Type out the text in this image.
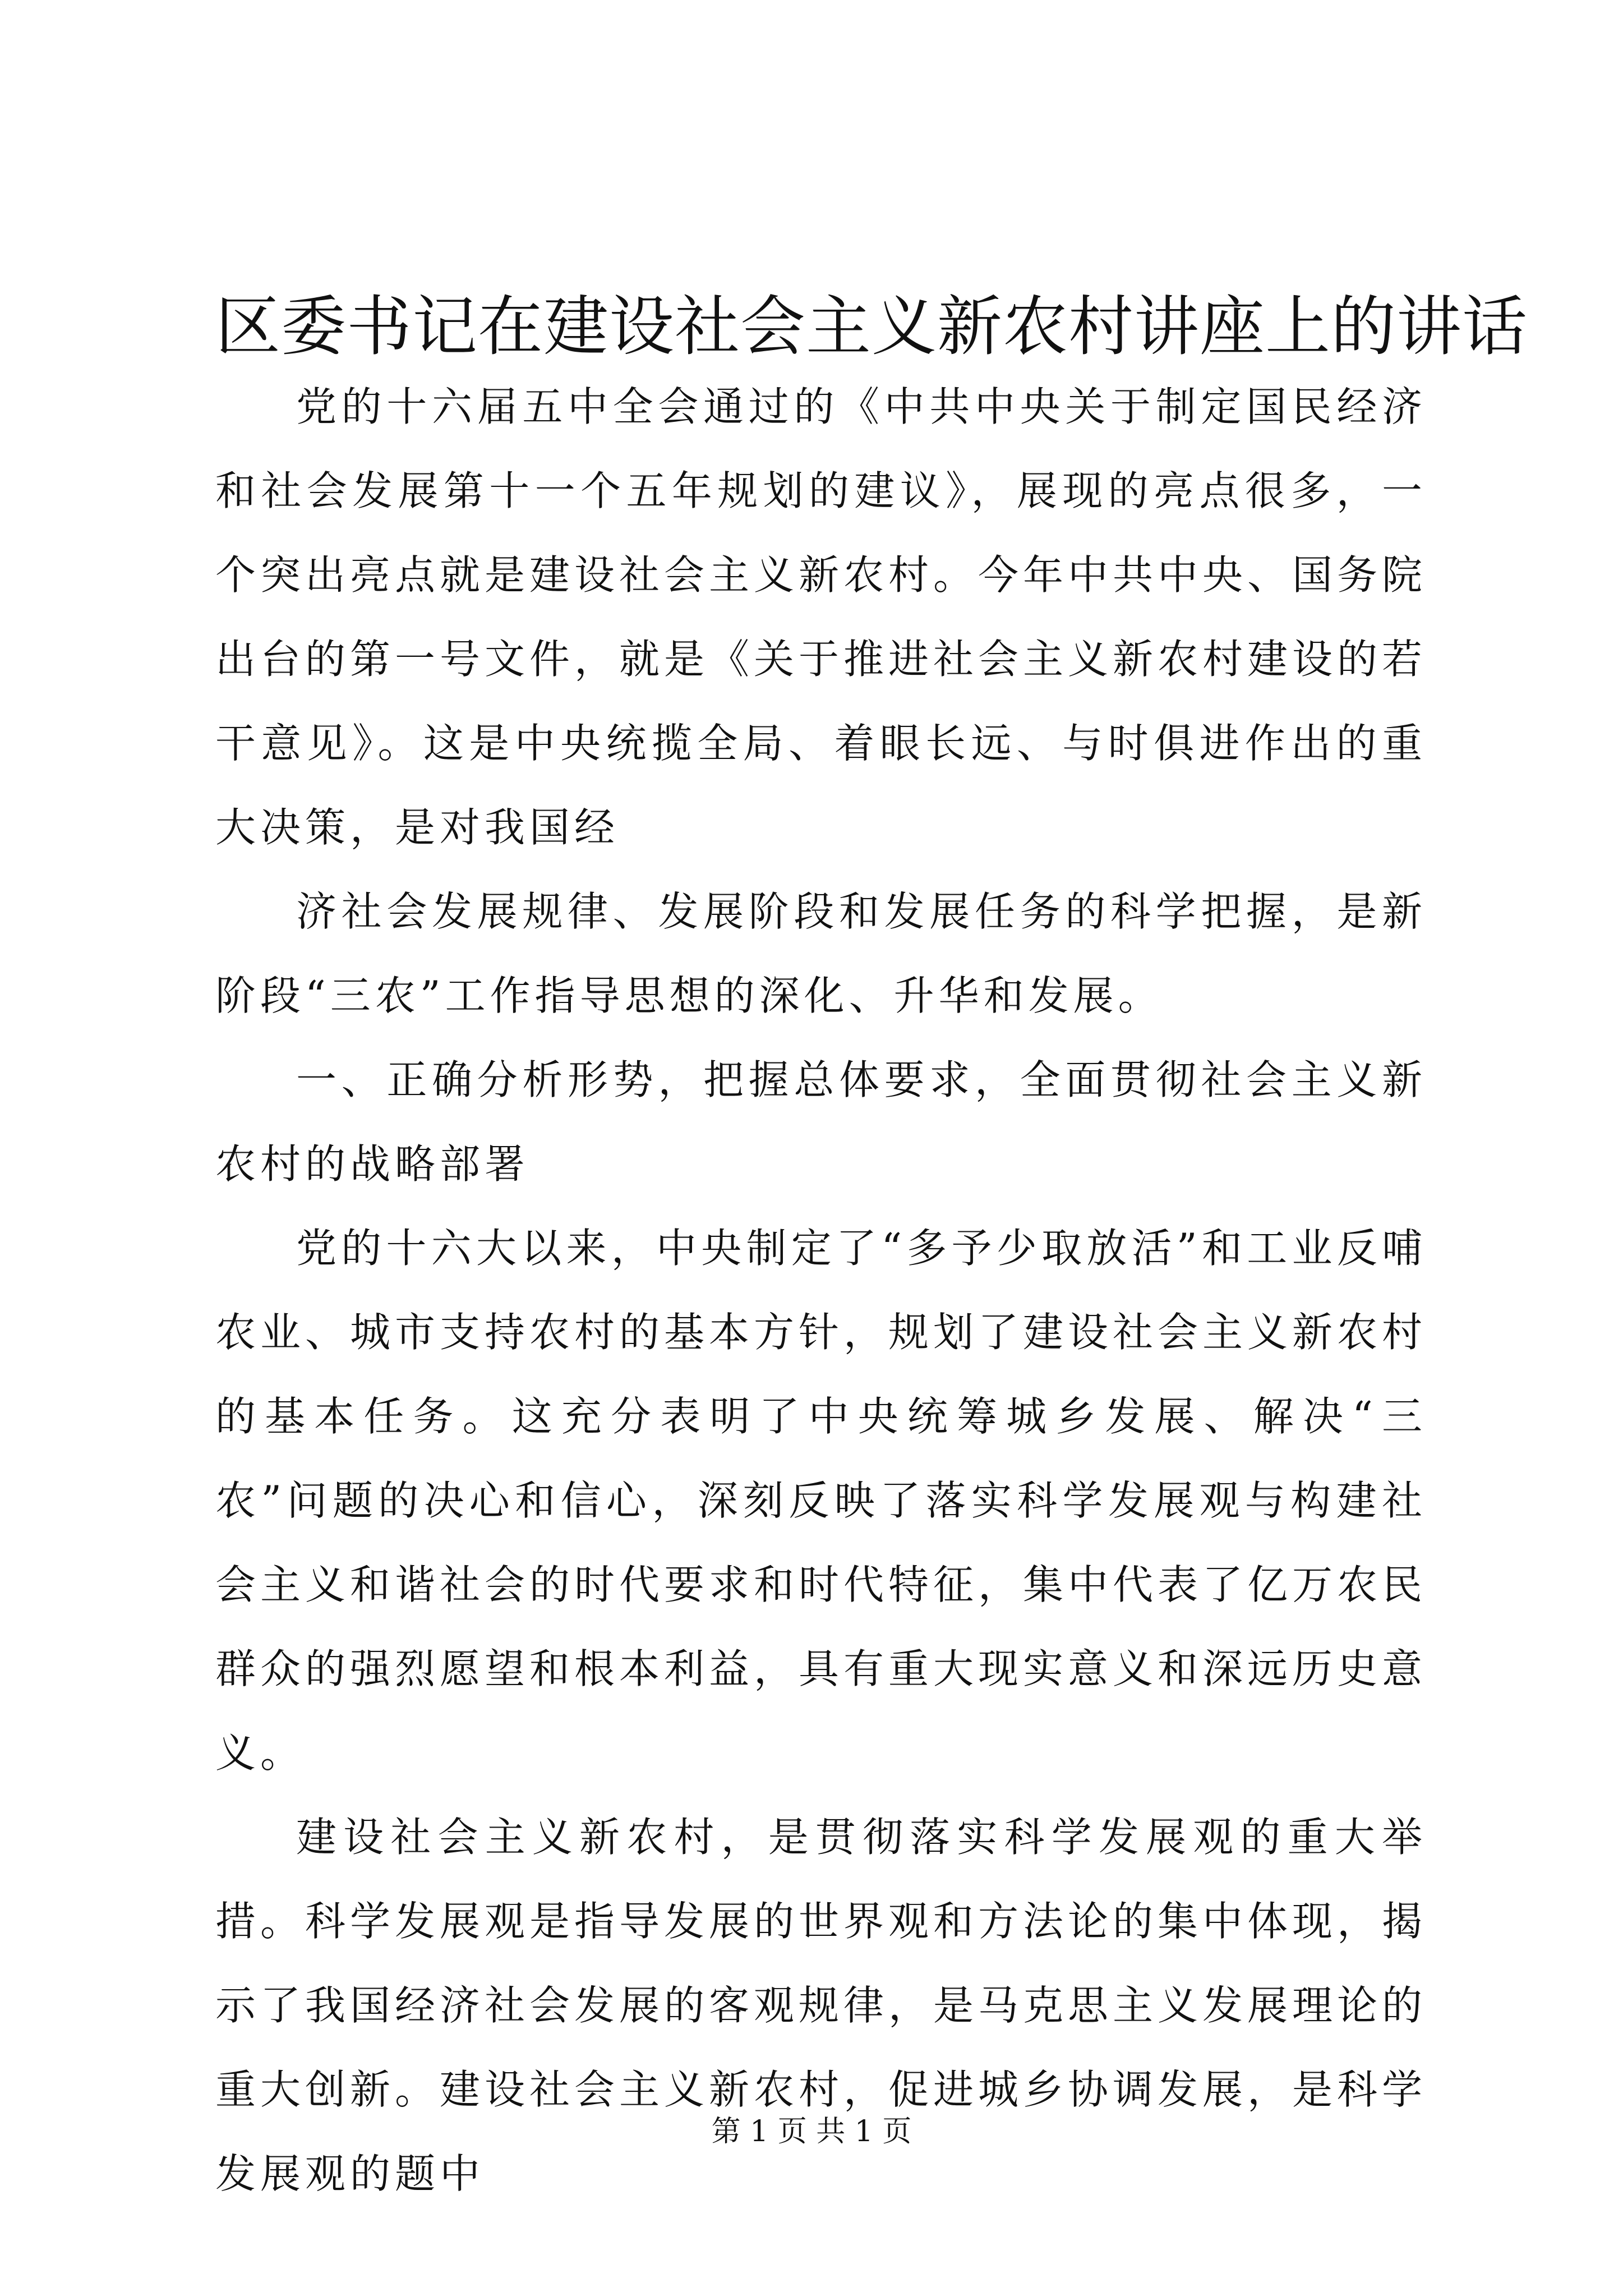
区委书记在建设社会主义新农村讲座上的讲话

党的十六届五中全会通过的《中共中央关于制定国民经济和社会发展第十一个五年规划的建议》，展现的亮点很多，一个突出亮点就是建设社会主义新农村。今年中共中央、国务院出台的第一号文件，就是《关于推进社会主义新农村建设的若干意见》。这是中央统揽全局、着眼长远、与时俱进作出的重大决策，是对我国经

济社会发展规律、发展阶段和发展任务的科学把握，是新阶段“三农”工作指导思想的深化、升华和发展。

一、正确分析形势，把握总体要求，全面贯彻社会主义新农村的战略部署

党的十六大以来，中央制定了“多予少取放活”和工业反哺农业、城市支持农村的基本方针，规划了建设社会主义新农村的基本任务。这充分表明了中央统筹城乡发展、解决“三农”问题的决心和信心，深刻反映了落实科学发展观与构建社会主义和谐社会的时代要求和时代特征，集中代表了亿万农民群众的强烈愿望和根本利益，具有重大现实意义和深远历史意义。

建设社会主义新农村，是贯彻落实科学发展观的重大举措。科学发展观是指导发展的世界观和方法论的集中体现，揭示了我国经济社会发展的客观规律，是马克思主义发展理论的重大创新。建设社会主义新农村，促进城乡协调发展，是科学发展观的题中

第 1 页 共 1 页
